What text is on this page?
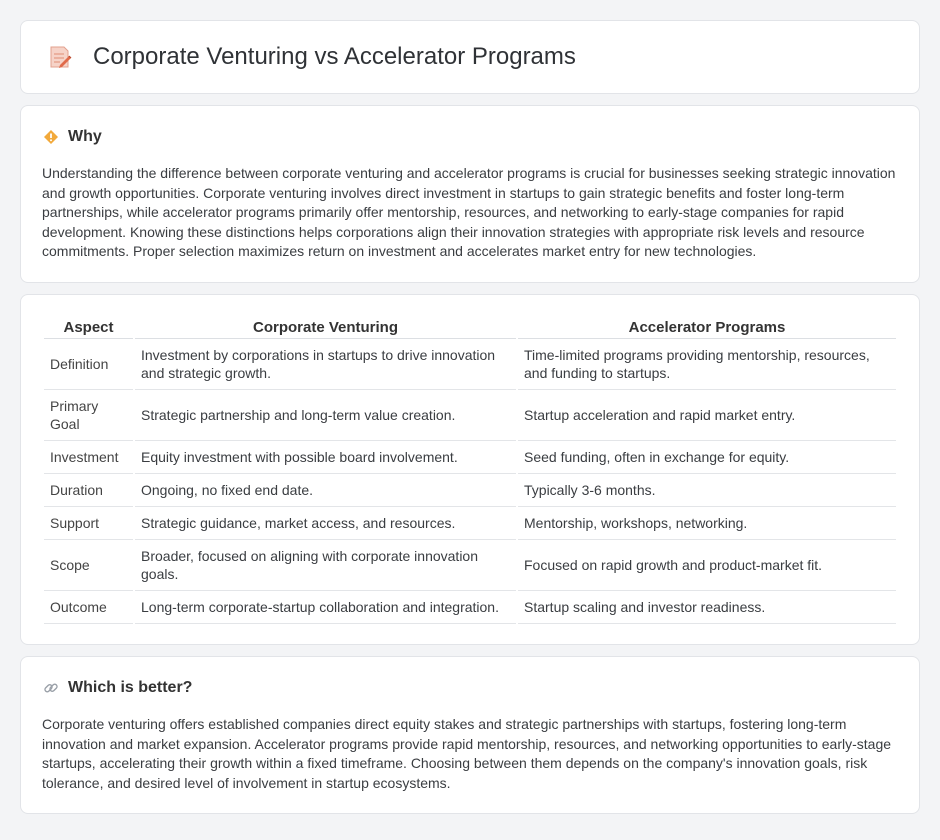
Corporate Venturing vs Accelerator Programs
Why

Understanding the difference between corporate venturing and accelerator programs is crucial for businesses seeking strategic innovation and growth opportunities. Corporate venturing involves direct investment in startups to gain strategic benefits and foster long-term partnerships, while accelerator programs primarily offer mentorship, resources, and networking to early-stage companies for rapid development. Knowing these distinctions helps corporations align their innovation strategies with appropriate risk levels and resource commitments. Proper selection maximizes return on investment and accelerates market entry for new technologies.

Aspect	Corporate Venturing	Accelerator Programs
Definition	Investment by corporations in startups to drive innovation and strategic growth.	Time-limited programs providing mentorship, resources, and funding to startups.
Primary Goal	Strategic partnership and long-term value creation.	Startup acceleration and rapid market entry.
Investment	Equity investment with possible board involvement.	Seed funding, often in exchange for equity.
Duration	Ongoing, no fixed end date.	Typically 3-6 months.
Support	Strategic guidance, market access, and resources.	Mentorship, workshops, networking.
Scope	Broader, focused on aligning with corporate innovation goals.	Focused on rapid growth and product-market fit.
Outcome	Long-term corporate-startup collaboration and integration.	Startup scaling and investor readiness.
Which is better?

Corporate venturing offers established companies direct equity stakes and strategic partnerships with startups, fostering long-term innovation and market expansion. Accelerator programs provide rapid mentorship, resources, and networking opportunities to early-stage startups, accelerating their growth within a fixed timeframe. Choosing between them depends on the company's innovation goals, risk tolerance, and desired level of involvement in startup ecosystems.
